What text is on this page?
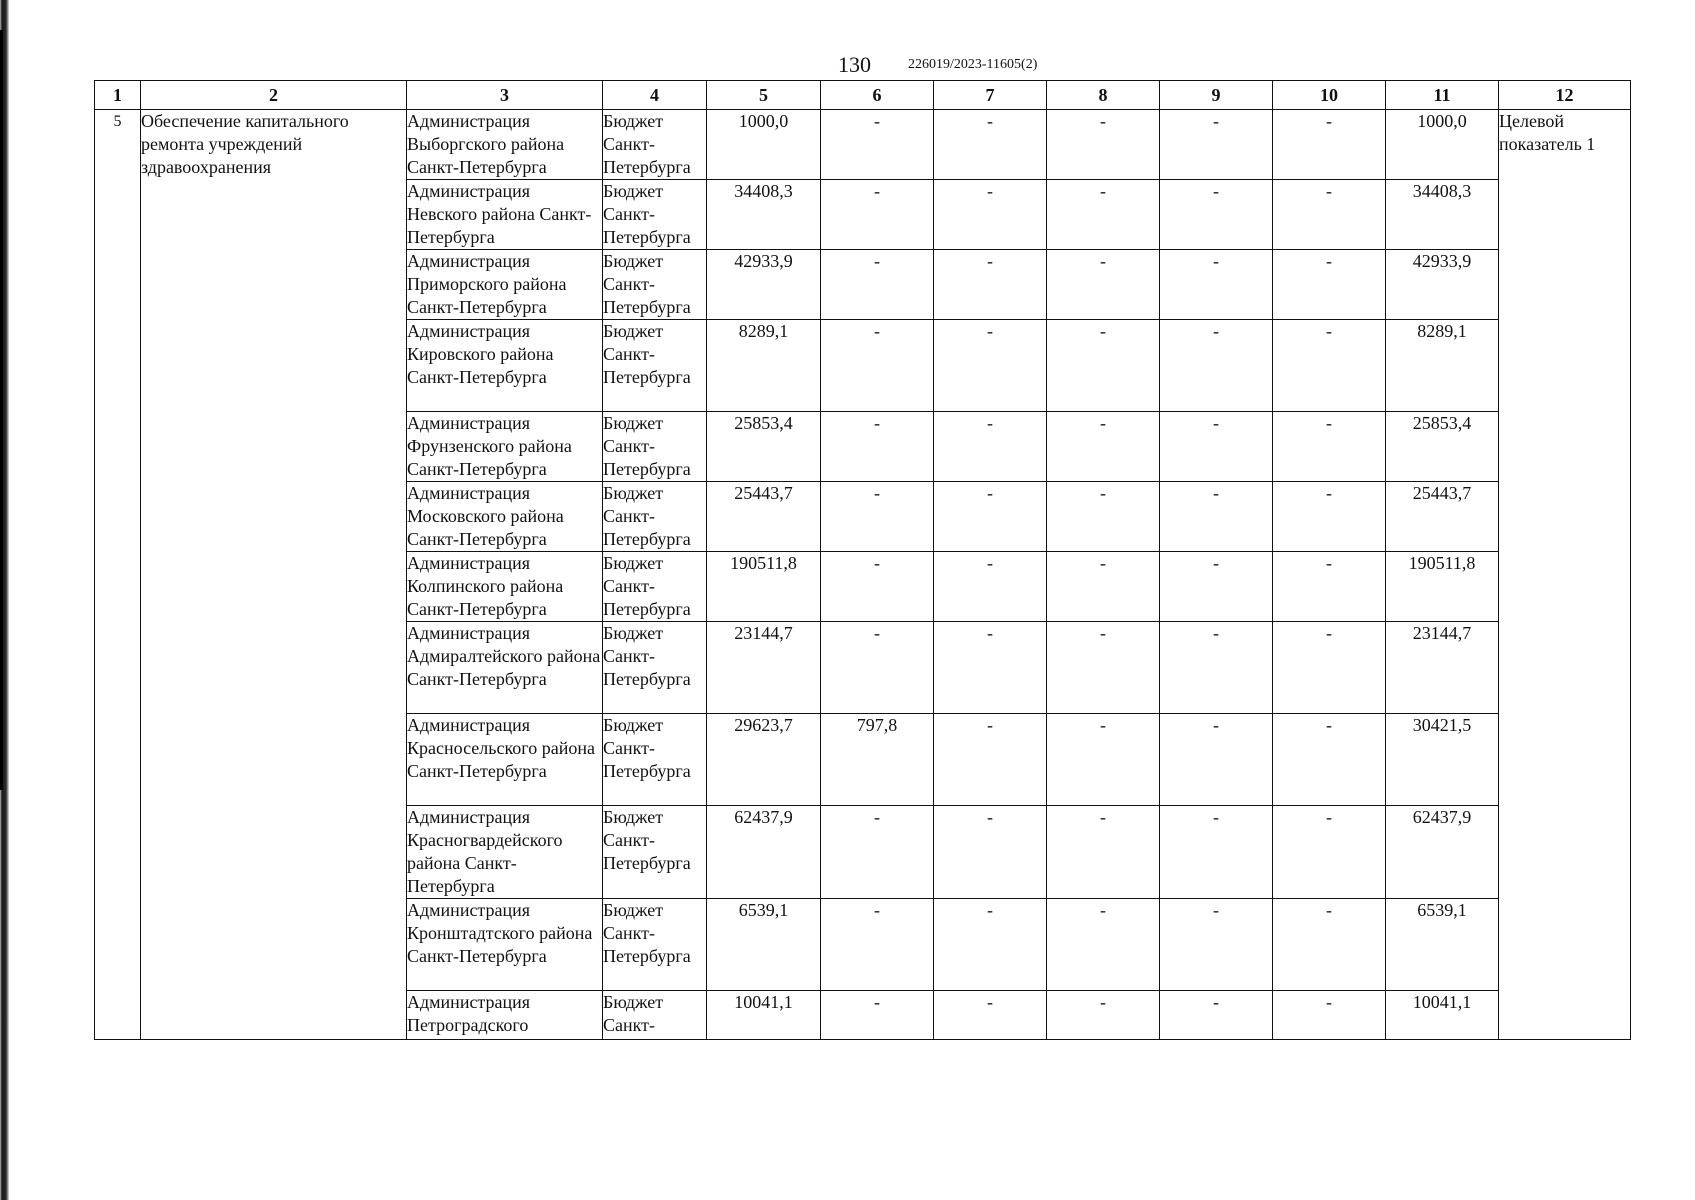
130	226019/2023-11605(2)
1	2	3	4	5	6	7	8	9	10	11	12
5	Обеспечение капитального ремонта учреждений здравоохранения	Администрация Выборгского района Санкт-Петербурга	Бюджет Санкт-Петербурга	1000,0	-	-	-	-	-	1000,0	Целевой показатель 1
		Администрация Невского района Санкт-Петербурга	Бюджет Санкт-Петербурга	34408,3	-	-	-	-	-	34408,3	
		Администрация Приморского района Санкт-Петербурга	Бюджет Санкт-Петербурга	42933,9	-	-	-	-	-	42933,9	
		Администрация Кировского района Санкт-Петербурга	Бюджет Санкт-Петербурга	8289,1	-	-	-	-	-	8289,1	
		Администрация Фрунзенского района Санкт-Петербурга	Бюджет Санкт-Петербурга	25853,4	-	-	-	-	-	25853,4	
		Администрация Московского района Санкт-Петербурга	Бюджет Санкт-Петербурга	25443,7	-	-	-	-	-	25443,7	
		Администрация Колпинского района Санкт-Петербурга	Бюджет Санкт-Петербурга	190511,8	-	-	-	-	-	190511,8	
		Администрация Адмиралтейского района Санкт-Петербурга	Бюджет Санкт-Петербурга	23144,7	-	-	-	-	-	23144,7	
		Администрация Красносельского района Санкт-Петербурга	Бюджет Санкт-Петербурга	29623,7	797,8	-	-	-	-	30421,5	
		Администрация Красногвардейского района Санкт-Петербурга	Бюджет Санкт-Петербурга	62437,9	-	-	-	-	-	62437,9	
		Администрация Кронштадтского района Санкт-Петербурга	Бюджет Санкт-Петербурга	6539,1	-	-	-	-	-	6539,1	
		Администрация Петроградского	Бюджет Санкт-	10041,1	-	-	-	-	-	10041,1	
